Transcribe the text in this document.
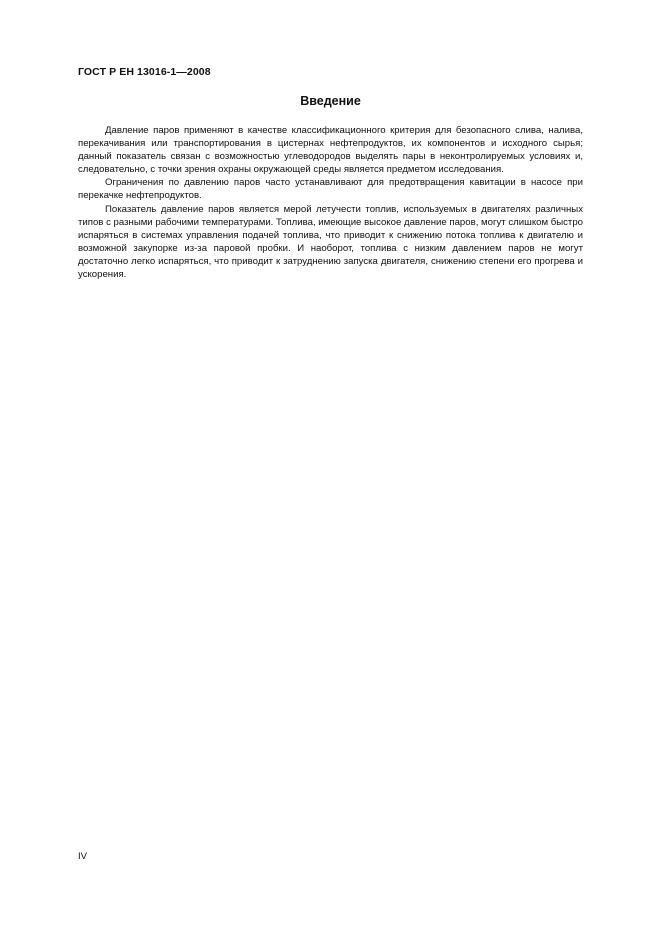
ГОСТ Р ЕН 13016-1—2008
Введение

Давление паров применяют в качестве классификационного критерия для безопасного слива, налива, перекачивания или транспортирования в цистернах нефтепродуктов, их компонентов и исходного сырья; данный показатель связан с возможностью углеводородов выделять пары в неконтролируемых условиях и, следовательно, с точки зрения охраны окружающей среды является предметом исследования.

Ограничения по давлению паров часто устанавливают для предотвращения кавитации в насосе при перекачке нефтепродуктов.

Показатель давление паров является мерой летучести топлив, используемых в двигателях различных типов с разными рабочими температурами. Топлива, имеющие высокое давление паров, могут слишком быстро испаряться в системах управления подачей топлива, что приводит к снижению потока топлива к двигателю и возможной закупорке из-за паровой пробки. И наоборот, топлива с низким давлением паров не могут достаточно легко испаряться, что приводит к затруднению запуска двигателя, снижению степени его прогрева и ускорения.

IV
